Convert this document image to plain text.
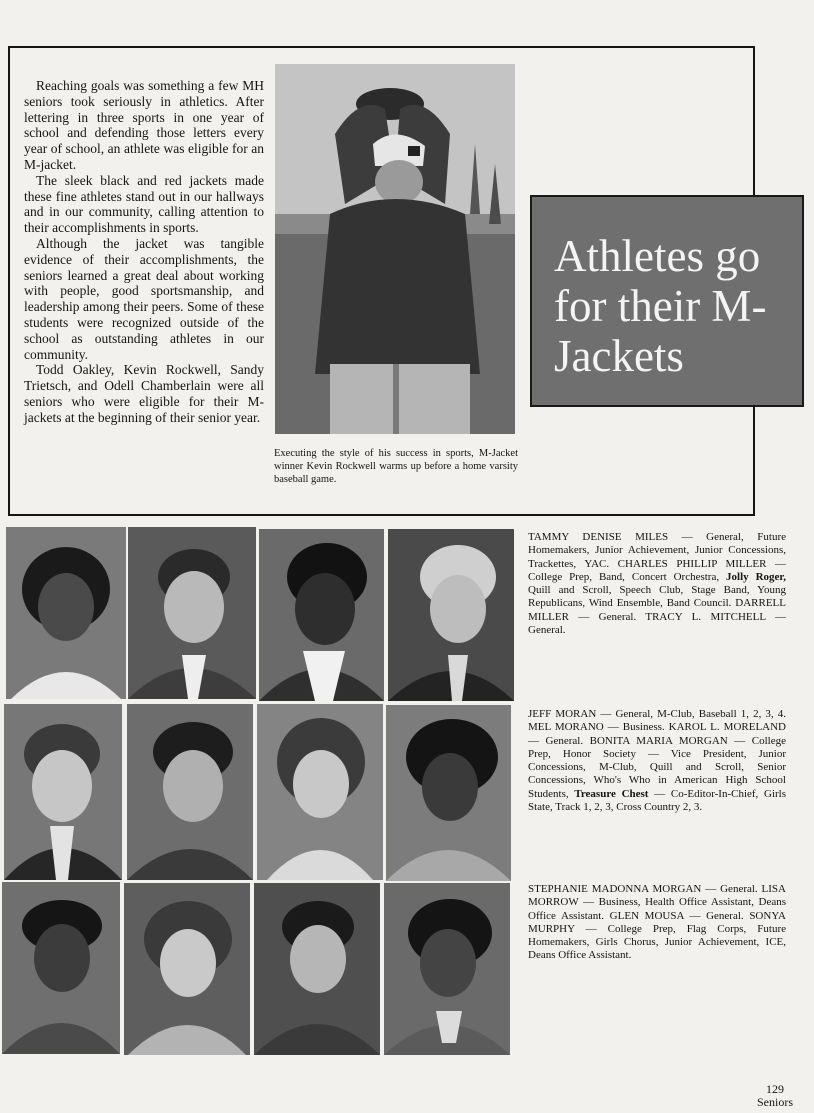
Reaching goals was something a few MH seniors took seriously in athletics. After lettering in three sports in one year of school and defending those letters every year of school, an athlete was eligible for an M-jacket.

The sleek black and red jackets made these fine athletes stand out in our hallways and in our community, calling attention to their accomplishments in sports.

Although the jacket was tangible evidence of their accomplishments, the seniors learned a great deal about working with people, good sportsmanship, and leadership among their peers. Some of these students were recognized outside of the school as outstanding athletes in our community.

Todd Oakley, Kevin Rockwell, Sandy Trietsch, and Odell Chamberlain were all seniors who were eligible for their M-jackets at the beginning of their senior year.

Executing the style of his success in sports, M-Jacket winner Kevin Rockwell warms up before a home varsity baseball game.
Athletes go for their M-Jackets
TAMMY DENISE MILES — General, Future Homemakers, Junior Achievement, Junior Concessions, Trackettes, YAC. CHARLES PHILLIP MILLER — College Prep, Band, Concert Orchestra, Jolly Roger, Quill and Scroll, Speech Club, Stage Band, Young Republicans, Wind Ensemble, Band Council. DARRELL MILLER — General. TRACY L. MITCHELL — General.
JEFF MORAN — General, M-Club, Baseball 1, 2, 3, 4. MEL MORANO — Business. KAROL L. MORELAND — General. BONITA MARIA MORGAN — College Prep, Honor Society — Vice President, Junior Concessions, M-Club, Quill and Scroll, Senior Concessions, Who's Who in American High School Students, Treasure Chest — Co-Editor-In-Chief, Girls State, Track 1, 2, 3, Cross Country 2, 3.
STEPHANIE MADONNA MORGAN — General. LISA MORROW — Business, Health Office Assistant, Deans Office Assistant. GLEN MOUSA — General. SONYA MURPHY — College Prep, Flag Corps, Future Homemakers, Girls Chorus, Junior Achievement, ICE, Deans Office Assistant.
129
Seniors
